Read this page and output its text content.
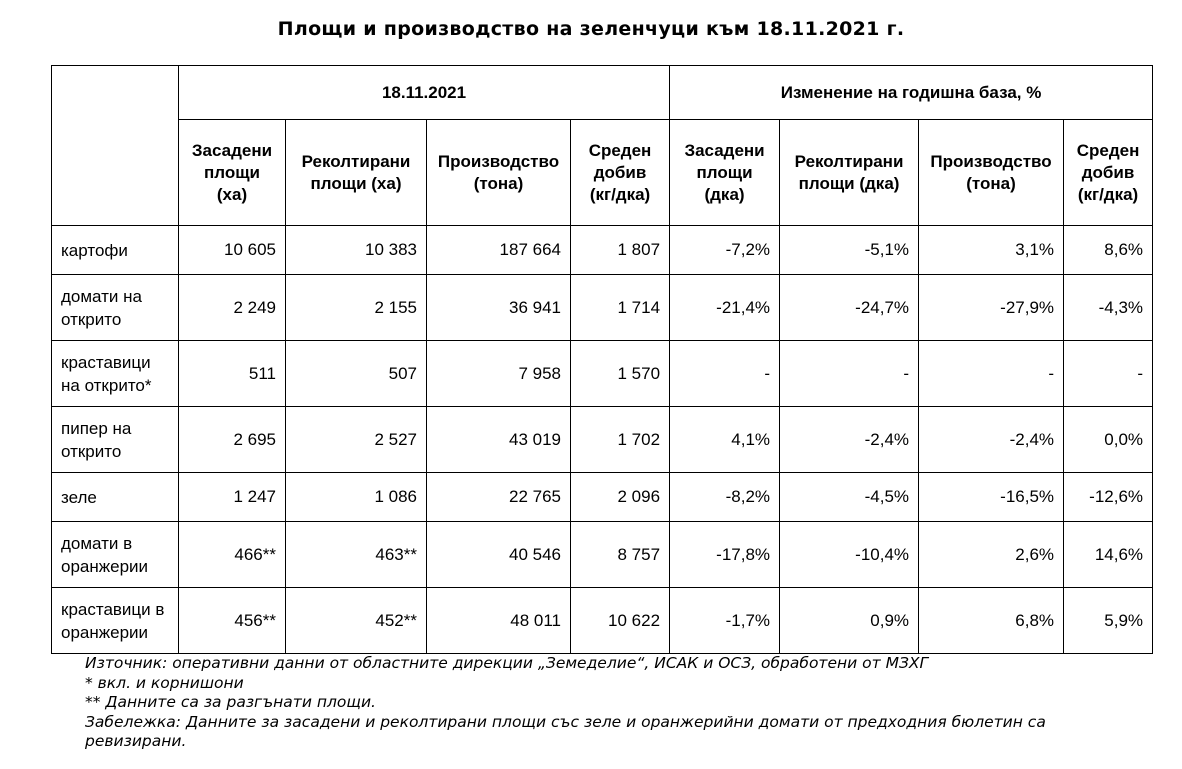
Площи и производство на зеленчуци към 18.11.2021 г.
	18.11.2021				Изменение на годишна база, %			
	Засадени площи (ха)	Реколтирани площи (ха)	Производство (тона)	Среден добив (кг/дка)	Засадени площи (дка)	Реколтирани площи (дка)	Производство (тона)	Среден добив (кг/дка)
картофи	10 605	10 383	187 664	1 807	-7,2%	-5,1%	3,1%	8,6%
домати на открито	2 249	2 155	36 941	1 714	-21,4%	-24,7%	-27,9%	-4,3%
краставици на открито*	511	507	7 958	1 570	-	-	-	-
пипер на открито	2 695	2 527	43 019	1 702	4,1%	-2,4%	-2,4%	0,0%
зеле	1 247	1 086	22 765	2 096	-8,2%	-4,5%	-16,5%	-12,6%
домати в оранжерии	466**	463**	40 546	8 757	-17,8%	-10,4%	2,6%	14,6%
краставици в оранжерии	456**	452**	48 011	10 622	-1,7%	0,9%	6,8%	5,9%
Източник: оперативни данни от областните дирекции „Земеделие“, ИСАК и ОСЗ, обработени от МЗХГ
* вкл. и корнишони
** Данните са за разгънати площи.
Забележка: Данните за засадени и реколтирани площи със зеле и оранжерийни домати от предходния бюлетин са ревизирани.
